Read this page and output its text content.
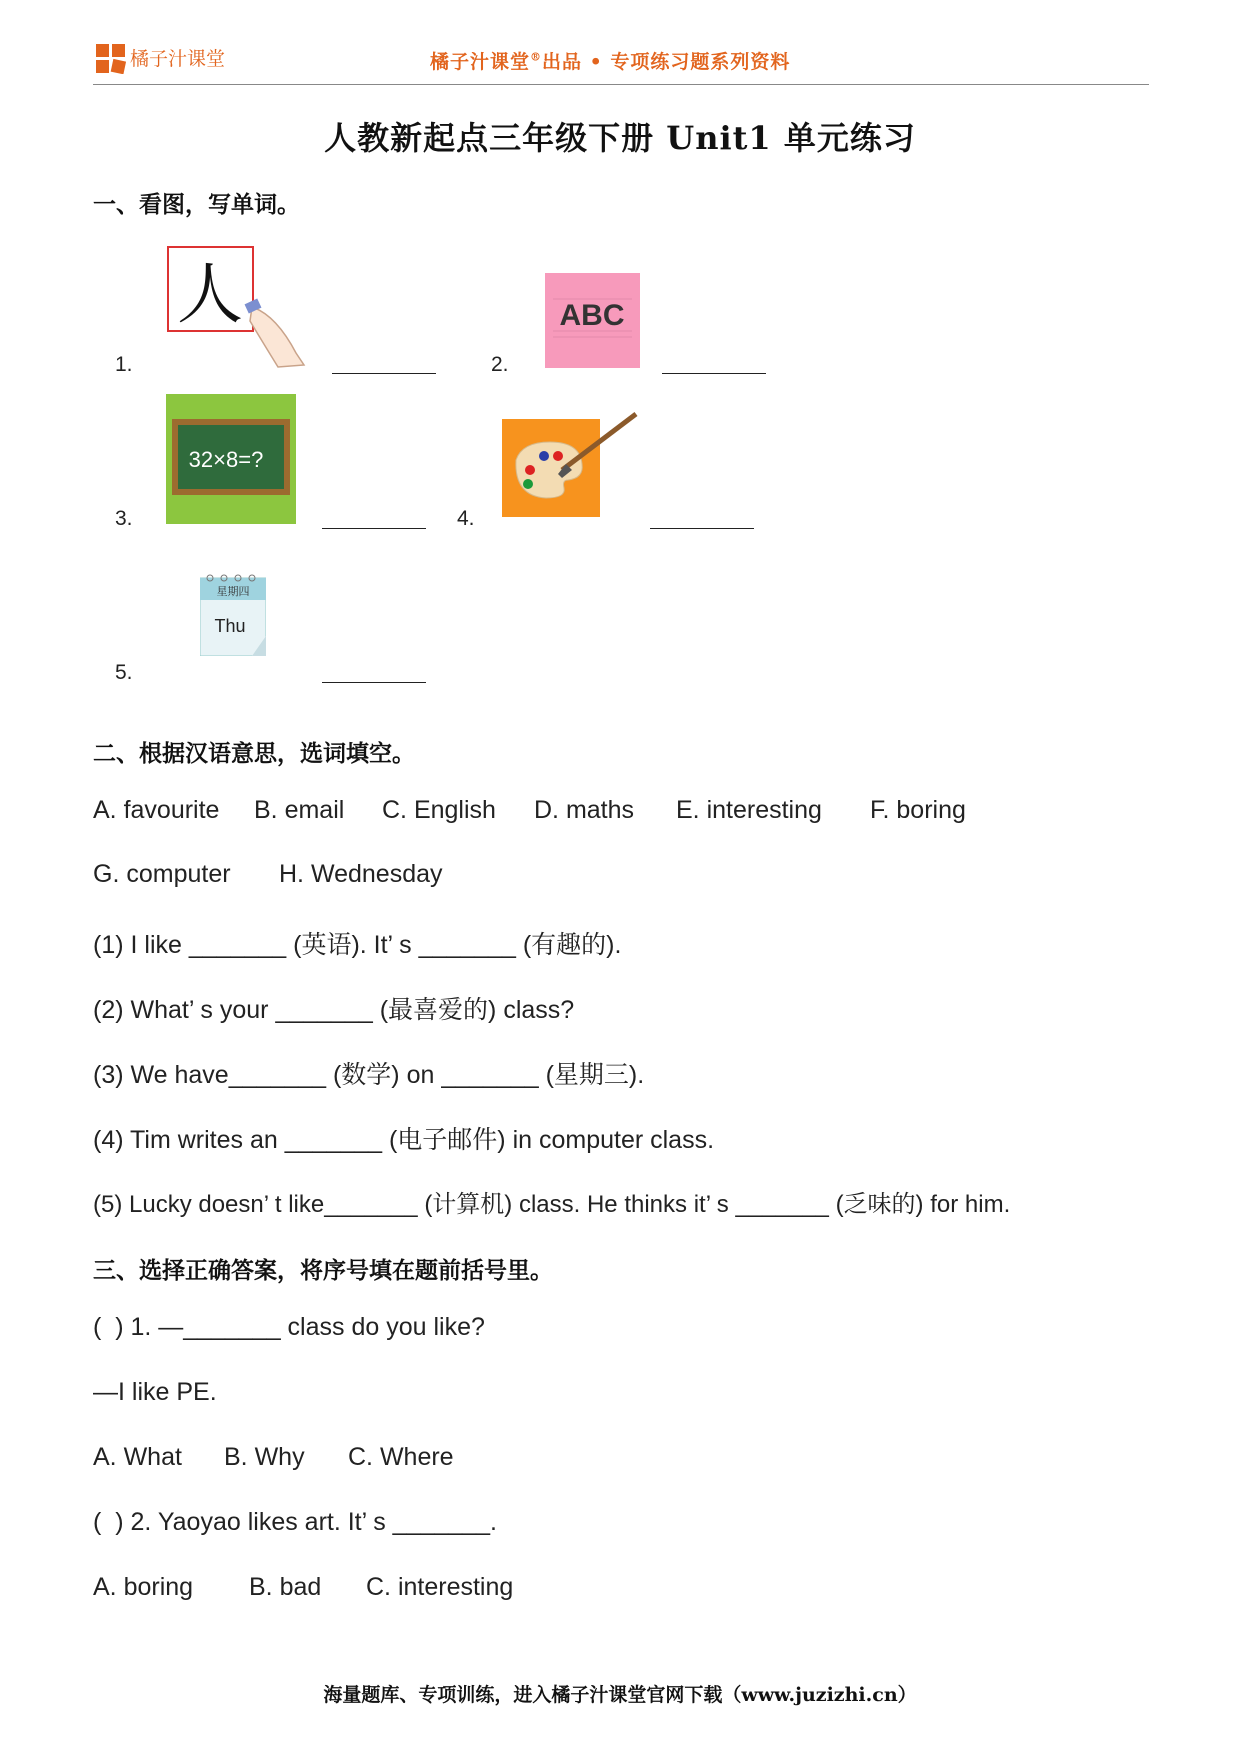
橘子汁课堂	橘子汁课堂®出品 • 专项练习题系列资料
人教新起点三年级下册 Unit1 单元练习
一、看图，写单词。
1.
人
2.
ABC
3.
32×8=?
4.
5.
星期四
Thu
二、根据汉语意思，选词填空。
A. favourite B. email C. English D. maths E. interesting F. boring
G. computer H. Wednesday
(1) I like _______ (英语). It’ s _______ (有趣的).
(2) What’ s your _______ (最喜爱的) class?
(3) We have_______ (数学) on _______ (星期三).
(4) Tim writes an _______ (电子邮件) in computer class.
(5) Lucky doesn’ t like_______ (计算机) class. He thinks it’ s _______ (乏味的) for him.
三、选择正确答案，将序号填在题前括号里。
(  ) 1. —_______ class do you like?
—I like PE.
A. What B. Why C. Where
(  ) 2. Yaoyao likes art. It’ s _______.
A. boring B. bad C. interesting
海量题库、专项训练，进入橘子汁课堂官网下载（www.juzizhi.cn）
